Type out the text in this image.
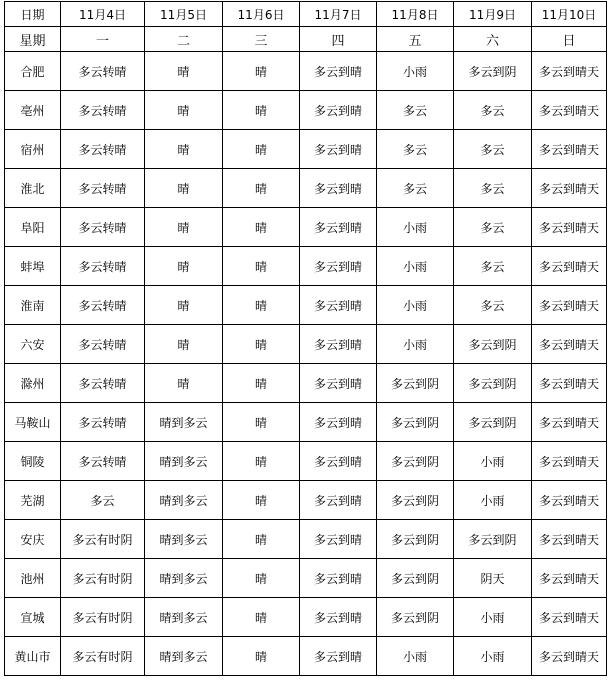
日期	11月4日	11月5日	11月6日	11月7日	11月8日	11月9日	11月10日
星期	一	二	三	四	五	六	日
合肥	多云转晴	晴	晴	多云到晴	小雨	多云到阴	多云到晴天
亳州	多云转晴	晴	晴	多云到晴	多云	多云	多云到晴天
宿州	多云转晴	晴	晴	多云到晴	多云	多云	多云到晴天
淮北	多云转晴	晴	晴	多云到晴	多云	多云	多云到晴天
阜阳	多云转晴	晴	晴	多云到晴	小雨	多云	多云到晴天
蚌埠	多云转晴	晴	晴	多云到晴	小雨	多云	多云到晴天
淮南	多云转晴	晴	晴	多云到晴	小雨	多云	多云到晴天
六安	多云转晴	晴	晴	多云到晴	小雨	多云到阴	多云到晴天
滁州	多云转晴	晴	晴	多云到晴	多云到阴	多云到阴	多云到晴天
马鞍山	多云转晴	晴到多云	晴	多云到晴	多云到阴	多云到阴	多云到晴天
铜陵	多云转晴	晴到多云	晴	多云到晴	多云到阴	小雨	多云到晴天
芜湖	多云	晴到多云	晴	多云到晴	多云到阴	小雨	多云到晴天
安庆	多云有时阴	晴到多云	晴	多云到晴	多云到阴	多云到阴	多云到晴天
池州	多云有时阴	晴到多云	晴	多云到晴	多云到阴	阴天	多云到晴天
宣城	多云有时阴	晴到多云	晴	多云到晴	多云到阴	小雨	多云到晴天
黄山市	多云有时阴	晴到多云	晴	多云到晴	小雨	小雨	多云到晴天
